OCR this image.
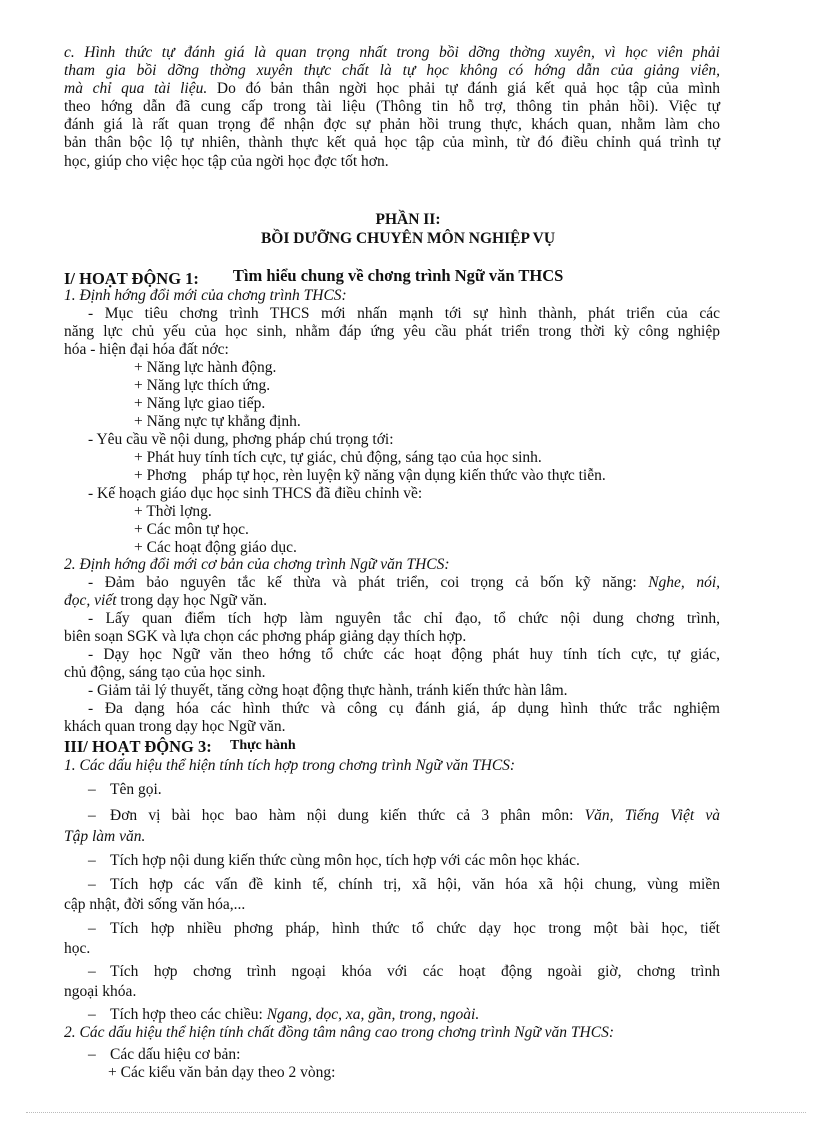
c. Hình thức tự đánh giá là quan trọng nhất trong bồi dỡng thờng xuyên, vì học viên phải
tham gia bồi dỡng thờng xuyên thực chất là tự học không có hớng dẫn của giảng viên,
mà chỉ qua tài liệu. Do đó bản thân ngời học phải tự đánh giá kết quả học tập của mình
theo hớng dẫn đã cung cấp trong tài liệu (Thông tin hỗ trợ, thông tin phản hồi). Việc tự
đánh giá là rất quan trọng để nhận đợc sự phản hồi trung thực, khách quan, nhằm làm cho
bản thân bộc lộ tự nhiên, thành thực kết quả học tập của mình, từ đó điều chỉnh quá trình tự
học, giúp cho việc học tập của ngời học đợc tốt hơn.
PHẦN II:
BỒI DƯỠNG CHUYÊN MÔN NGHIỆP VỤ
I/ HOẠT ĐỘNG 1: Tìm hiểu chung về chơng trình Ngữ văn THCS
1. Định hớng đổi mới của chơng trình THCS:
- Mục tiêu chơng trình THCS mới nhấn mạnh tới sự hình thành, phát triển của các
năng lực chủ yếu của học sinh, nhằm đáp ứng yêu cầu phát triển trong thời kỳ công nghiệp
hóa - hiện đại hóa đất nớc:
+ Năng lực hành động.
+ Năng lực thích ứng.
+ Năng lực giao tiếp.
+ Năng nực tự khẳng định.
- Yêu cầu về nội dung, phơng pháp chú trọng tới:
+ Phát huy tính tích cực, tự giác, chủ động, sáng tạo của học sinh.
+ Phơng    pháp tự học, rèn luyện kỹ năng vận dụng kiến thức vào thực tiễn.
- Kế hoạch giáo dục học sinh THCS đã điều chỉnh về:
+ Thời lợng.
+ Các môn tự học.
+ Các hoạt động giáo dục.
2. Định hớng đổi mới cơ bản của chơng trình Ngữ văn THCS:
- Đảm bảo nguyên tắc kế thừa và phát triển, coi trọng cả bốn kỹ năng: Nghe, nói,
đọc, viết trong dạy học Ngữ văn.
- Lấy quan điểm tích hợp làm nguyên tắc chỉ đạo, tổ chức nội dung chơng trình,
biên soạn SGK và lựa chọn các phơng pháp giảng dạy thích hợp.
- Dạy học Ngữ văn theo hớng tổ chức các hoạt động phát huy tính tích cực, tự giác,
chủ động, sáng tạo của học sinh.
- Giảm tải lý thuyết, tăng cờng hoạt động thực hành, tránh kiến thức hàn lâm.
- Đa dạng hóa các hình thức và công cụ đánh giá, áp dụng hình thức trắc nghiệm
khách quan trong dạy học Ngữ văn.
III/ HOẠT ĐỘNG 3: Thực hành
1. Các dấu hiệu thể hiện tính tích hợp trong chơng trình Ngữ văn THCS:
– Tên gọi.
– Đơn vị bài học bao hàm nội dung kiến thức cả 3 phân môn: Văn, Tiếng Việt và
Tập làm văn.
– Tích hợp nội dung kiến thức cùng môn học, tích hợp với các môn học khác.
– Tích hợp các vấn đề kinh tế, chính trị, xã hội, văn hóa xã hội chung, vùng miền
cập nhật, đời sống văn hóa,...
– Tích hợp nhiều phơng pháp, hình thức tổ chức dạy học trong một bài học, tiết
học.
– Tích hợp chơng trình ngoại khóa với các hoạt động ngoài giờ, chơng trình
ngoại khóa.
– Tích hợp theo các chiều: Ngang, dọc, xa, gần, trong, ngoài.
2. Các dấu hiệu thể hiện tính chất đồng tâm nâng cao trong chơng trình Ngữ văn THCS:
– Các dấu hiệu cơ bản:
+ Các kiểu văn bản dạy theo 2 vòng:
